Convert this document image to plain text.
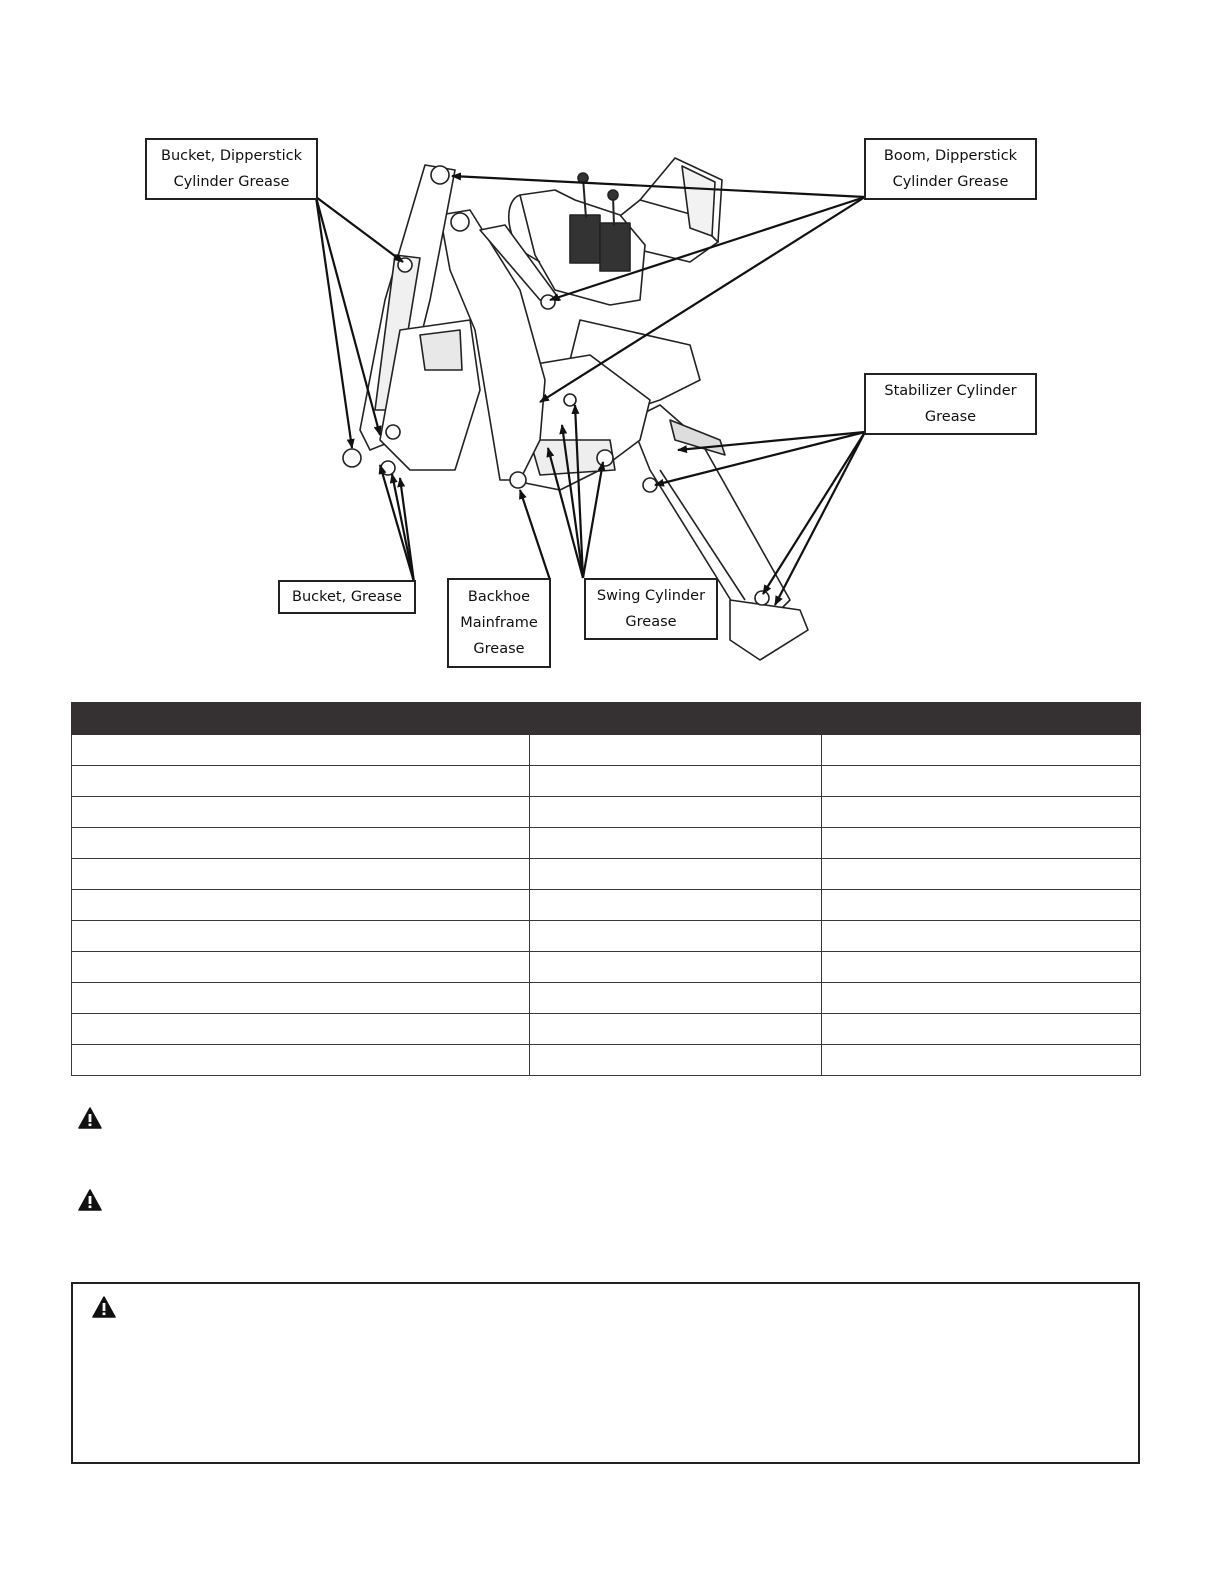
Bucket, Dipperstick
Cylinder Grease
Boom, Dipperstick
Cylinder Grease
Stabilizer Cylinder
Grease
Bucket, Grease	Backhoe
Mainframe
Grease
Swing Cylinder
Grease
